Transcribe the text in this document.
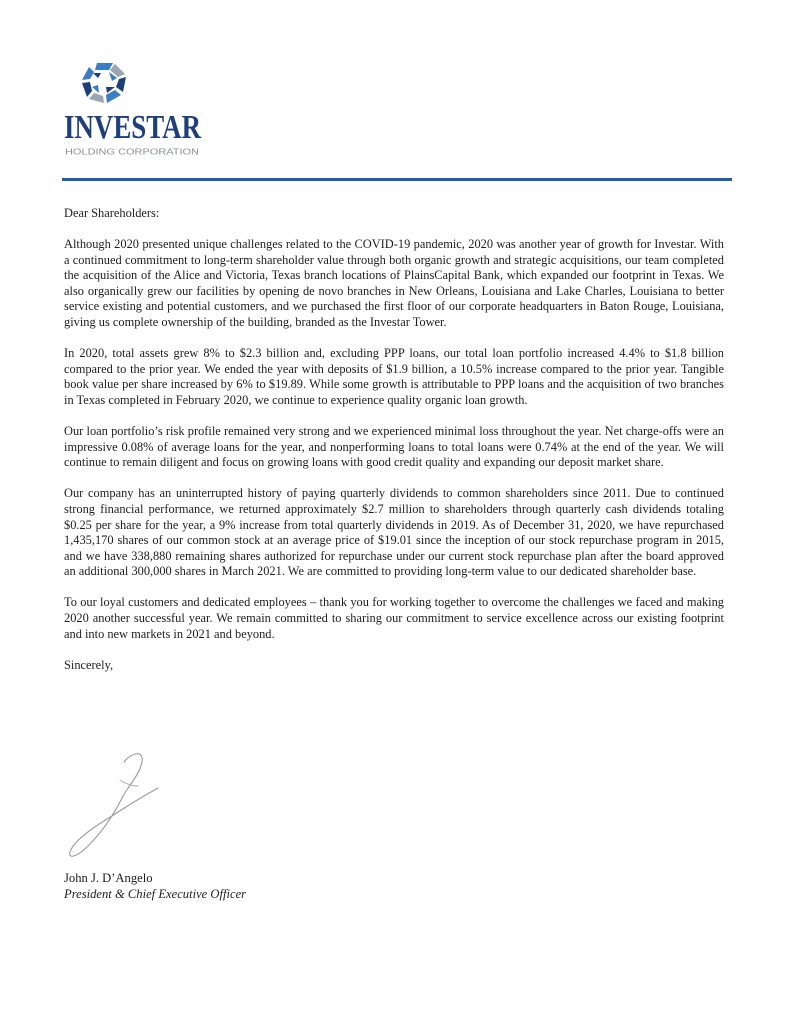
INVESTAR
HOLDING CORPORATION

Dear Shareholders:

Although 2020 presented unique challenges related to the COVID-19 pandemic, 2020 was another year of growth for Investar. With a continued commitment to long-term shareholder value through both organic growth and strategic acquisitions, our team completed the acquisition of the Alice and Victoria, Texas branch locations of PlainsCapital Bank, which expanded our footprint in Texas. We also organically grew our facilities by opening de novo branches in New Orleans, Louisiana and Lake Charles, Louisiana to better service existing and potential customers, and we purchased the first floor of our corporate headquarters in Baton Rouge, Louisiana, giving us complete ownership of the building, branded as the Investar Tower.

In 2020, total assets grew 8% to $2.3 billion and, excluding PPP loans, our total loan portfolio increased 4.4% to $1.8 billion compared to the prior year. We ended the year with deposits of $1.9 billion, a 10.5% increase compared to the prior year. Tangible book value per share increased by 6% to $19.89. While some growth is attributable to PPP loans and the acquisition of two branches in Texas completed in February 2020, we continue to experience quality organic loan growth.

Our loan portfolio’s risk profile remained very strong and we experienced minimal loss throughout the year. Net charge-offs were an impressive 0.08% of average loans for the year, and nonperforming loans to total loans were 0.74% at the end of the year. We will continue to remain diligent and focus on growing loans with good credit quality and expanding our deposit market share.

Our company has an uninterrupted history of paying quarterly dividends to common shareholders since 2011. Due to continued strong financial performance, we returned approximately $2.7 million to shareholders through quarterly cash dividends totaling $0.25 per share for the year, a 9% increase from total quarterly dividends in 2019. As of December 31, 2020, we have repurchased 1,435,170 shares of our common stock at an average price of $19.01 since the inception of our stock repurchase program in 2015, and we have 338,880 remaining shares authorized for repurchase under our current stock repurchase plan after the board approved an additional 300,000 shares in March 2021. We are committed to providing long-term value to our dedicated shareholder base.

To our loyal customers and dedicated employees – thank you for working together to overcome the challenges we faced and making 2020 another successful year. We remain committed to sharing our commitment to service excellence across our existing footprint and into new markets in 2021 and beyond.

Sincerely,

John J. D’Angelo
President & Chief Executive Officer
